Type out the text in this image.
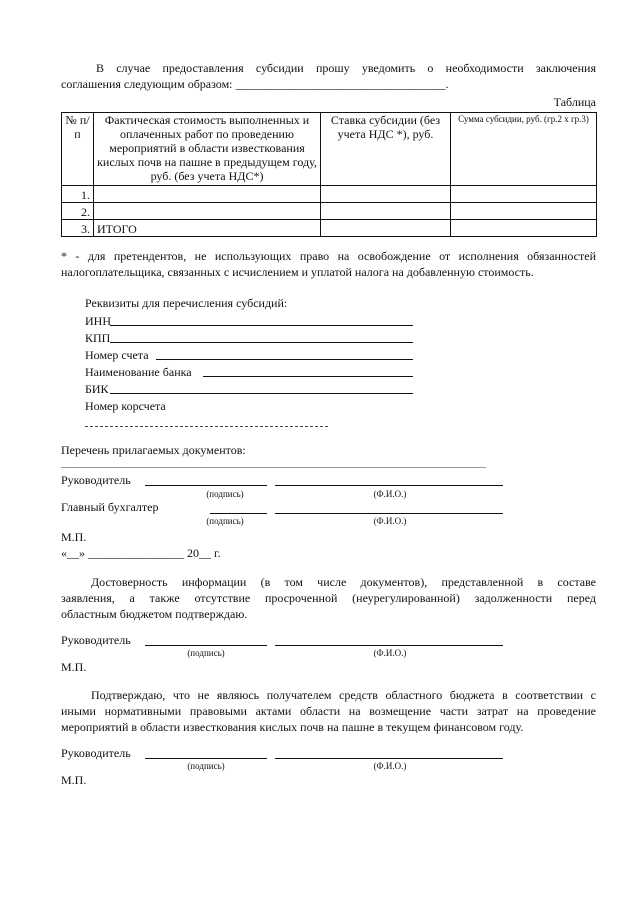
В случае предоставления субсидии прошу уведомить о необходимости заключения
соглашения следующим образом: ___________________________________.
Таблица
№ п/п	Фактическая стоимость выполненных и оплаченных работ по проведению мероприятий в области известкования кислых почв на пашне в предыдущем году, руб. (без учета НДС*)	Ставка субсидии (без учета НДС *), руб.	Сумма субсидии, руб. (гр.2 х гр.3)
1.			
2.			
3.	ИТОГО		
* - для претендентов, не использующих право на освобождение от исполнения обязанностей
налогоплательщика, связанных с исчислением и уплатой налога на добавленную стоимость.
Реквизиты для перечисления субсидий:
ИНН
КПП
Номер счета
Наименование банка
БИК
Номер корсчета
Перечень прилагаемых документов:
Руководитель
(подпись)	(Ф.И.О.)
Главный бухгалтер
(подпись)	(Ф.И.О.)
М.П.
«__» ________________ 20__ г.
Достоверность информации (в том числе документов), представленной в составе
заявления, а также отсутствие просроченной (неурегулированной) задолженности перед
областным бюджетом подтверждаю.
Руководитель
(подпись)	(Ф.И.О.)
М.П.
Подтверждаю, что не являюсь получателем средств областного бюджета в соответствии с
иными нормативными правовыми актами области на возмещение части затрат на проведение
мероприятий в области известкования кислых почв на пашне в текущем финансовом году.
Руководитель
(подпись)	(Ф.И.О.)
М.П.
